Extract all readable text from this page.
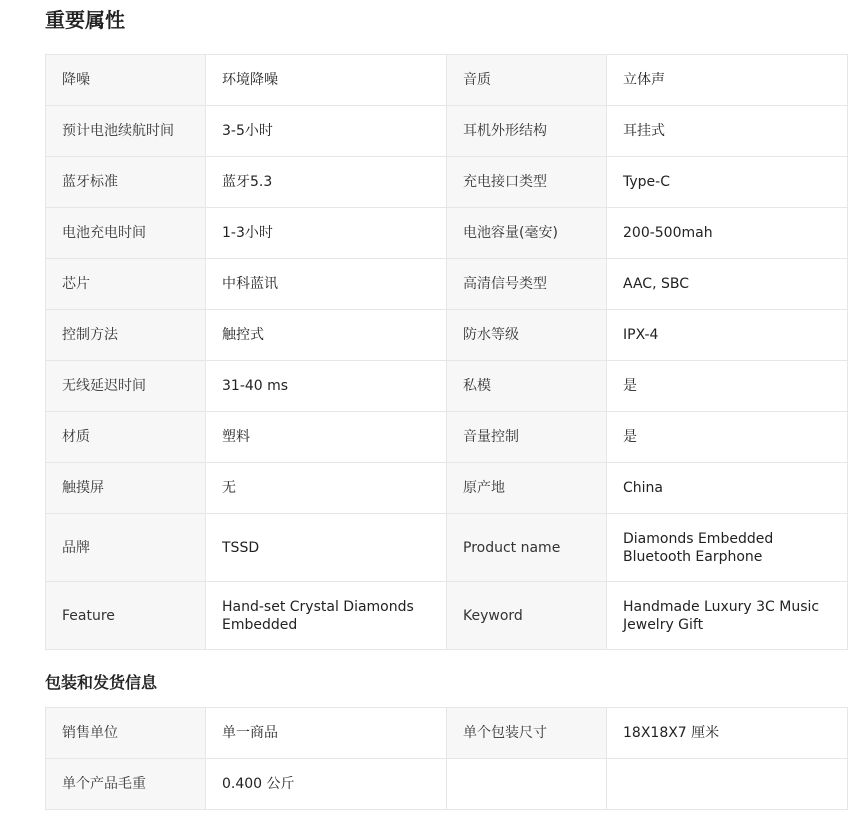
重要属性
降噪	环境降噪	音质	立体声
预计电池续航时间	3-5小时	耳机外形结构	耳挂式
蓝牙标准	蓝牙5.3	充电接口类型	Type-C
电池充电时间	1-3小时	电池容量(毫安)	200-500mah
芯片	中科蓝讯	高清信号类型	AAC, SBC
控制方法	触控式	防水等级	IPX-4
无线延迟时间	31-40 ms	私模	是
材质	塑料	音量控制	是
触摸屏	无	原产地	China
品牌	TSSD	Product name	Diamonds Embedded Bluetooth Earphone
Feature	Hand-set Crystal Diamonds Embedded	Keyword	Handmade Luxury 3C Music Jewelry Gift
包装和发货信息
销售单位	单一商品	单个包装尺寸	18X18X7 厘米
单个产品毛重	0.400 公斤		
